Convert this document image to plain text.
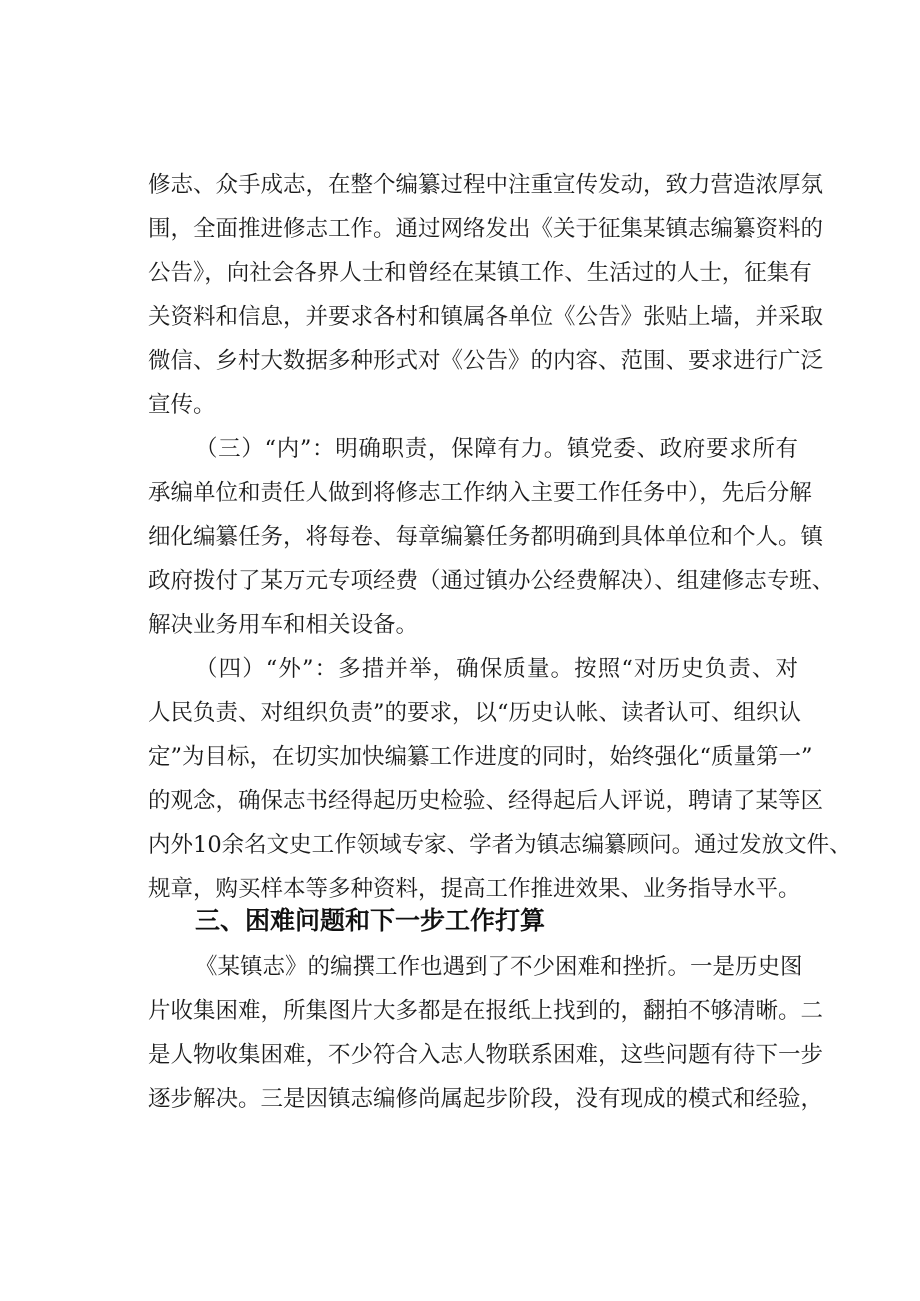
修志、众手成志，在整个编纂过程中注重宣传发动，致力营造浓厚氛
围，全面推进修志工作。通过网络发出《关于征集某镇志编纂资料的
公告》，向社会各界人士和曾经在某镇工作、生活过的人士，征集有
关资料和信息，并要求各村和镇属各单位《公告》张贴上墙，并采取
微信、乡村大数据多种形式对《公告》的内容、范围、要求进行广泛
宣传。
（三）“内”：明确职责，保障有力。镇党委、政府要求所有
承编单位和责任人做到将修志工作纳入主要工作任务中），先后分解
细化编纂任务，将每卷、每章编纂任务都明确到具体单位和个人。镇
政府拨付了某万元专项经费（通过镇办公经费解决）、组建修志专班、
解决业务用车和相关设备。
（四）“外”：多措并举，确保质量。按照“对历史负责、对
人民负责、对组织负责”的要求，以“历史认帐、读者认可、组织认
定”为目标，在切实加快编纂工作进度的同时，始终强化“质量第一”
的观念，确保志书经得起历史检验、经得起后人评说，聘请了某等区
内外10余名文史工作领域专家、学者为镇志编纂顾问。通过发放文件、
规章，购买样本等多种资料，提高工作推进效果、业务指导水平。
三、困难问题和下一步工作打算
《某镇志》的编撰工作也遇到了不少困难和挫折。一是历史图
片收集困难，所集图片大多都是在报纸上找到的，翻拍不够清晰。二
是人物收集困难，不少符合入志人物联系困难，这些问题有待下一步
逐步解决。三是因镇志编修尚属起步阶段，没有现成的模式和经验，
